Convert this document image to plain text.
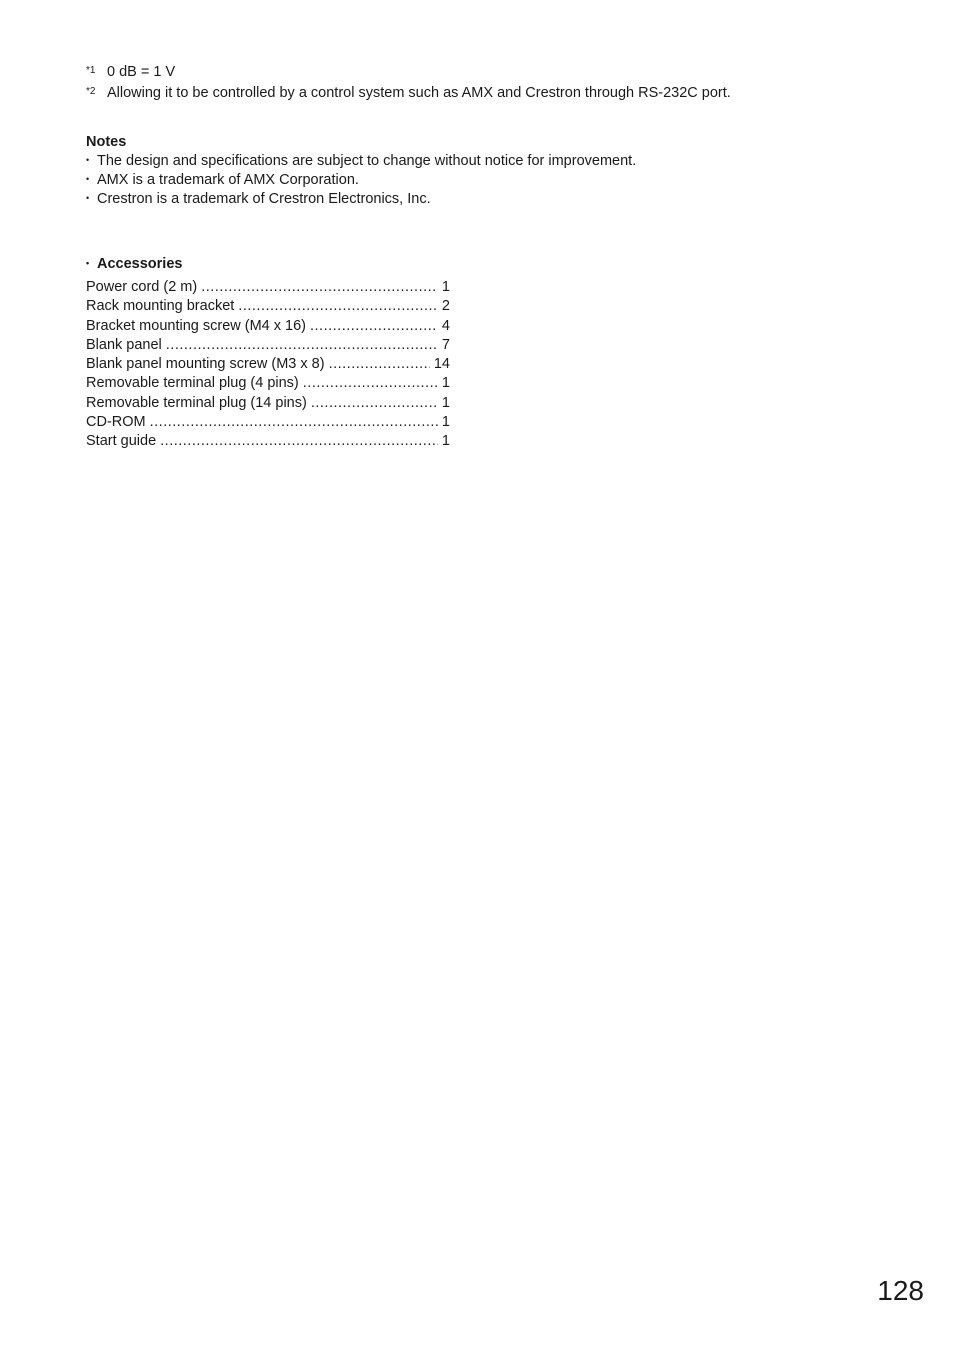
*1 0 dB = 1 V
*2 Allowing it to be controlled by a control system such as AMX and Crestron through RS-232C port.
Notes
• The design and specifications are subject to change without notice for improvement.
• AMX is a trademark of AMX Corporation.
• Crestron is a trademark of Crestron Electronics, Inc.
• Accessories
Power cord (2 m) .....	1
Rack mounting bracket .....	2
Bracket mounting screw (M4 x 16) .....	4
Blank panel .....	7
Blank panel mounting screw (M3 x 8) .....	14
Removable terminal plug (4 pins) .....	1
Removable terminal plug (14 pins) .....	1
CD-ROM .....	1
Start guide .....	1
128
